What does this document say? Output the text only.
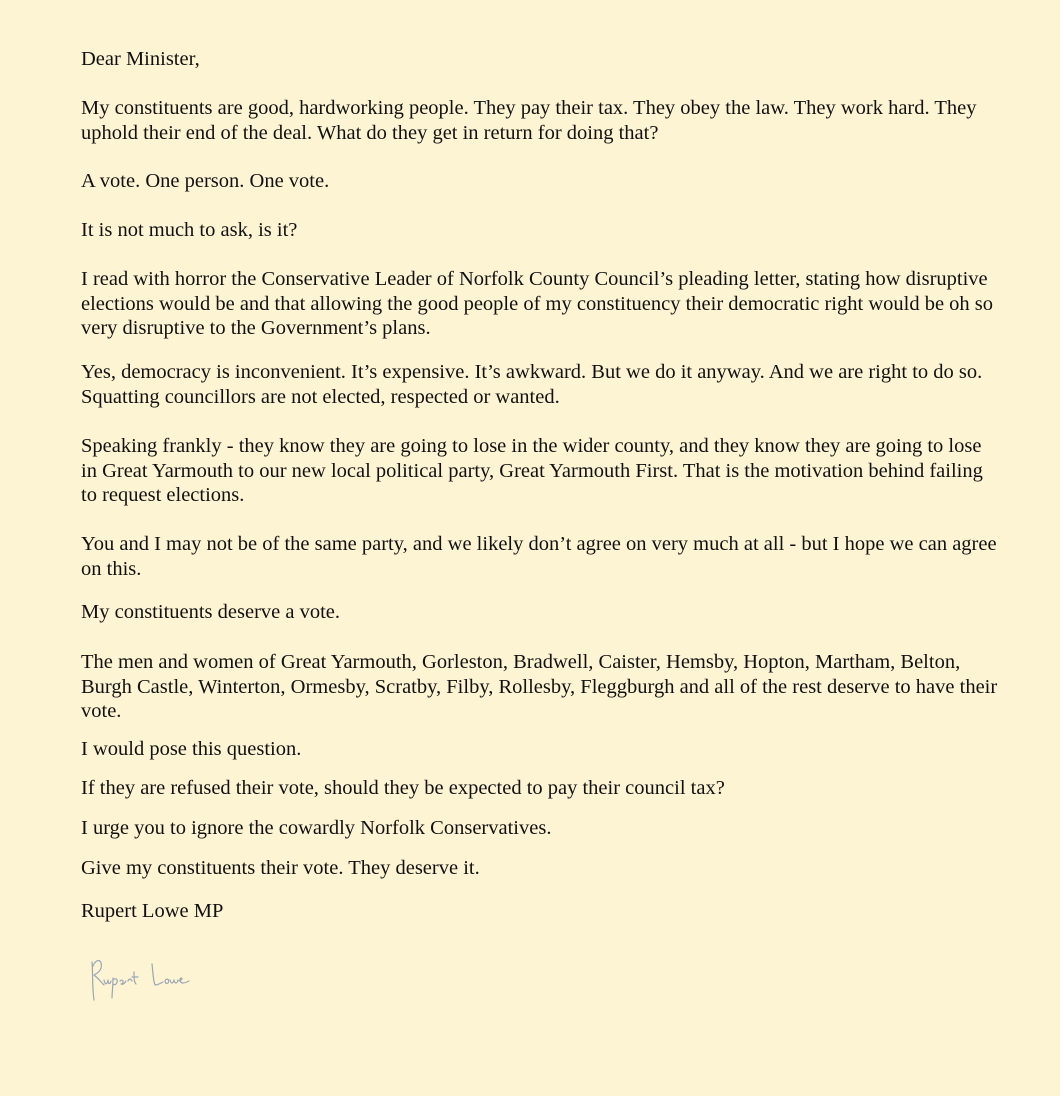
Dear Minister,

My constituents are good, hardworking people. They pay their tax. They obey the law. They work hard. They uphold their end of the deal. What do they get in return for doing that?

A vote. One person. One vote.

It is not much to ask, is it?

I read with horror the Conservative Leader of Norfolk County Council’s pleading letter, stating how disruptive elections would be and that allowing the good people of my constituency their democratic right would be oh so very disruptive to the Government’s plans.

Yes, democracy is inconvenient. It’s expensive. It’s awkward. But we do it anyway. And we are right to do so. Squatting councillors are not elected, respected or wanted.

Speaking frankly - they know they are going to lose in the wider county, and they know they are going to lose in Great Yarmouth to our new local political party, Great Yarmouth First. That is the motivation behind failing to request elections.

You and I may not be of the same party, and we likely don’t agree on very much at all - but I hope we can agree on this.

My constituents deserve a vote.

The men and women of Great Yarmouth, Gorleston, Bradwell, Caister, Hemsby, Hopton, Martham, Belton, Burgh Castle, Winterton, Ormesby, Scratby, Filby, Rollesby, Fleggburgh and all of the rest deserve to have their vote.

I would pose this question.

If they are refused their vote, should they be expected to pay their council tax?

I urge you to ignore the cowardly Norfolk Conservatives.

Give my constituents their vote. They deserve it.

Rupert Lowe MP
